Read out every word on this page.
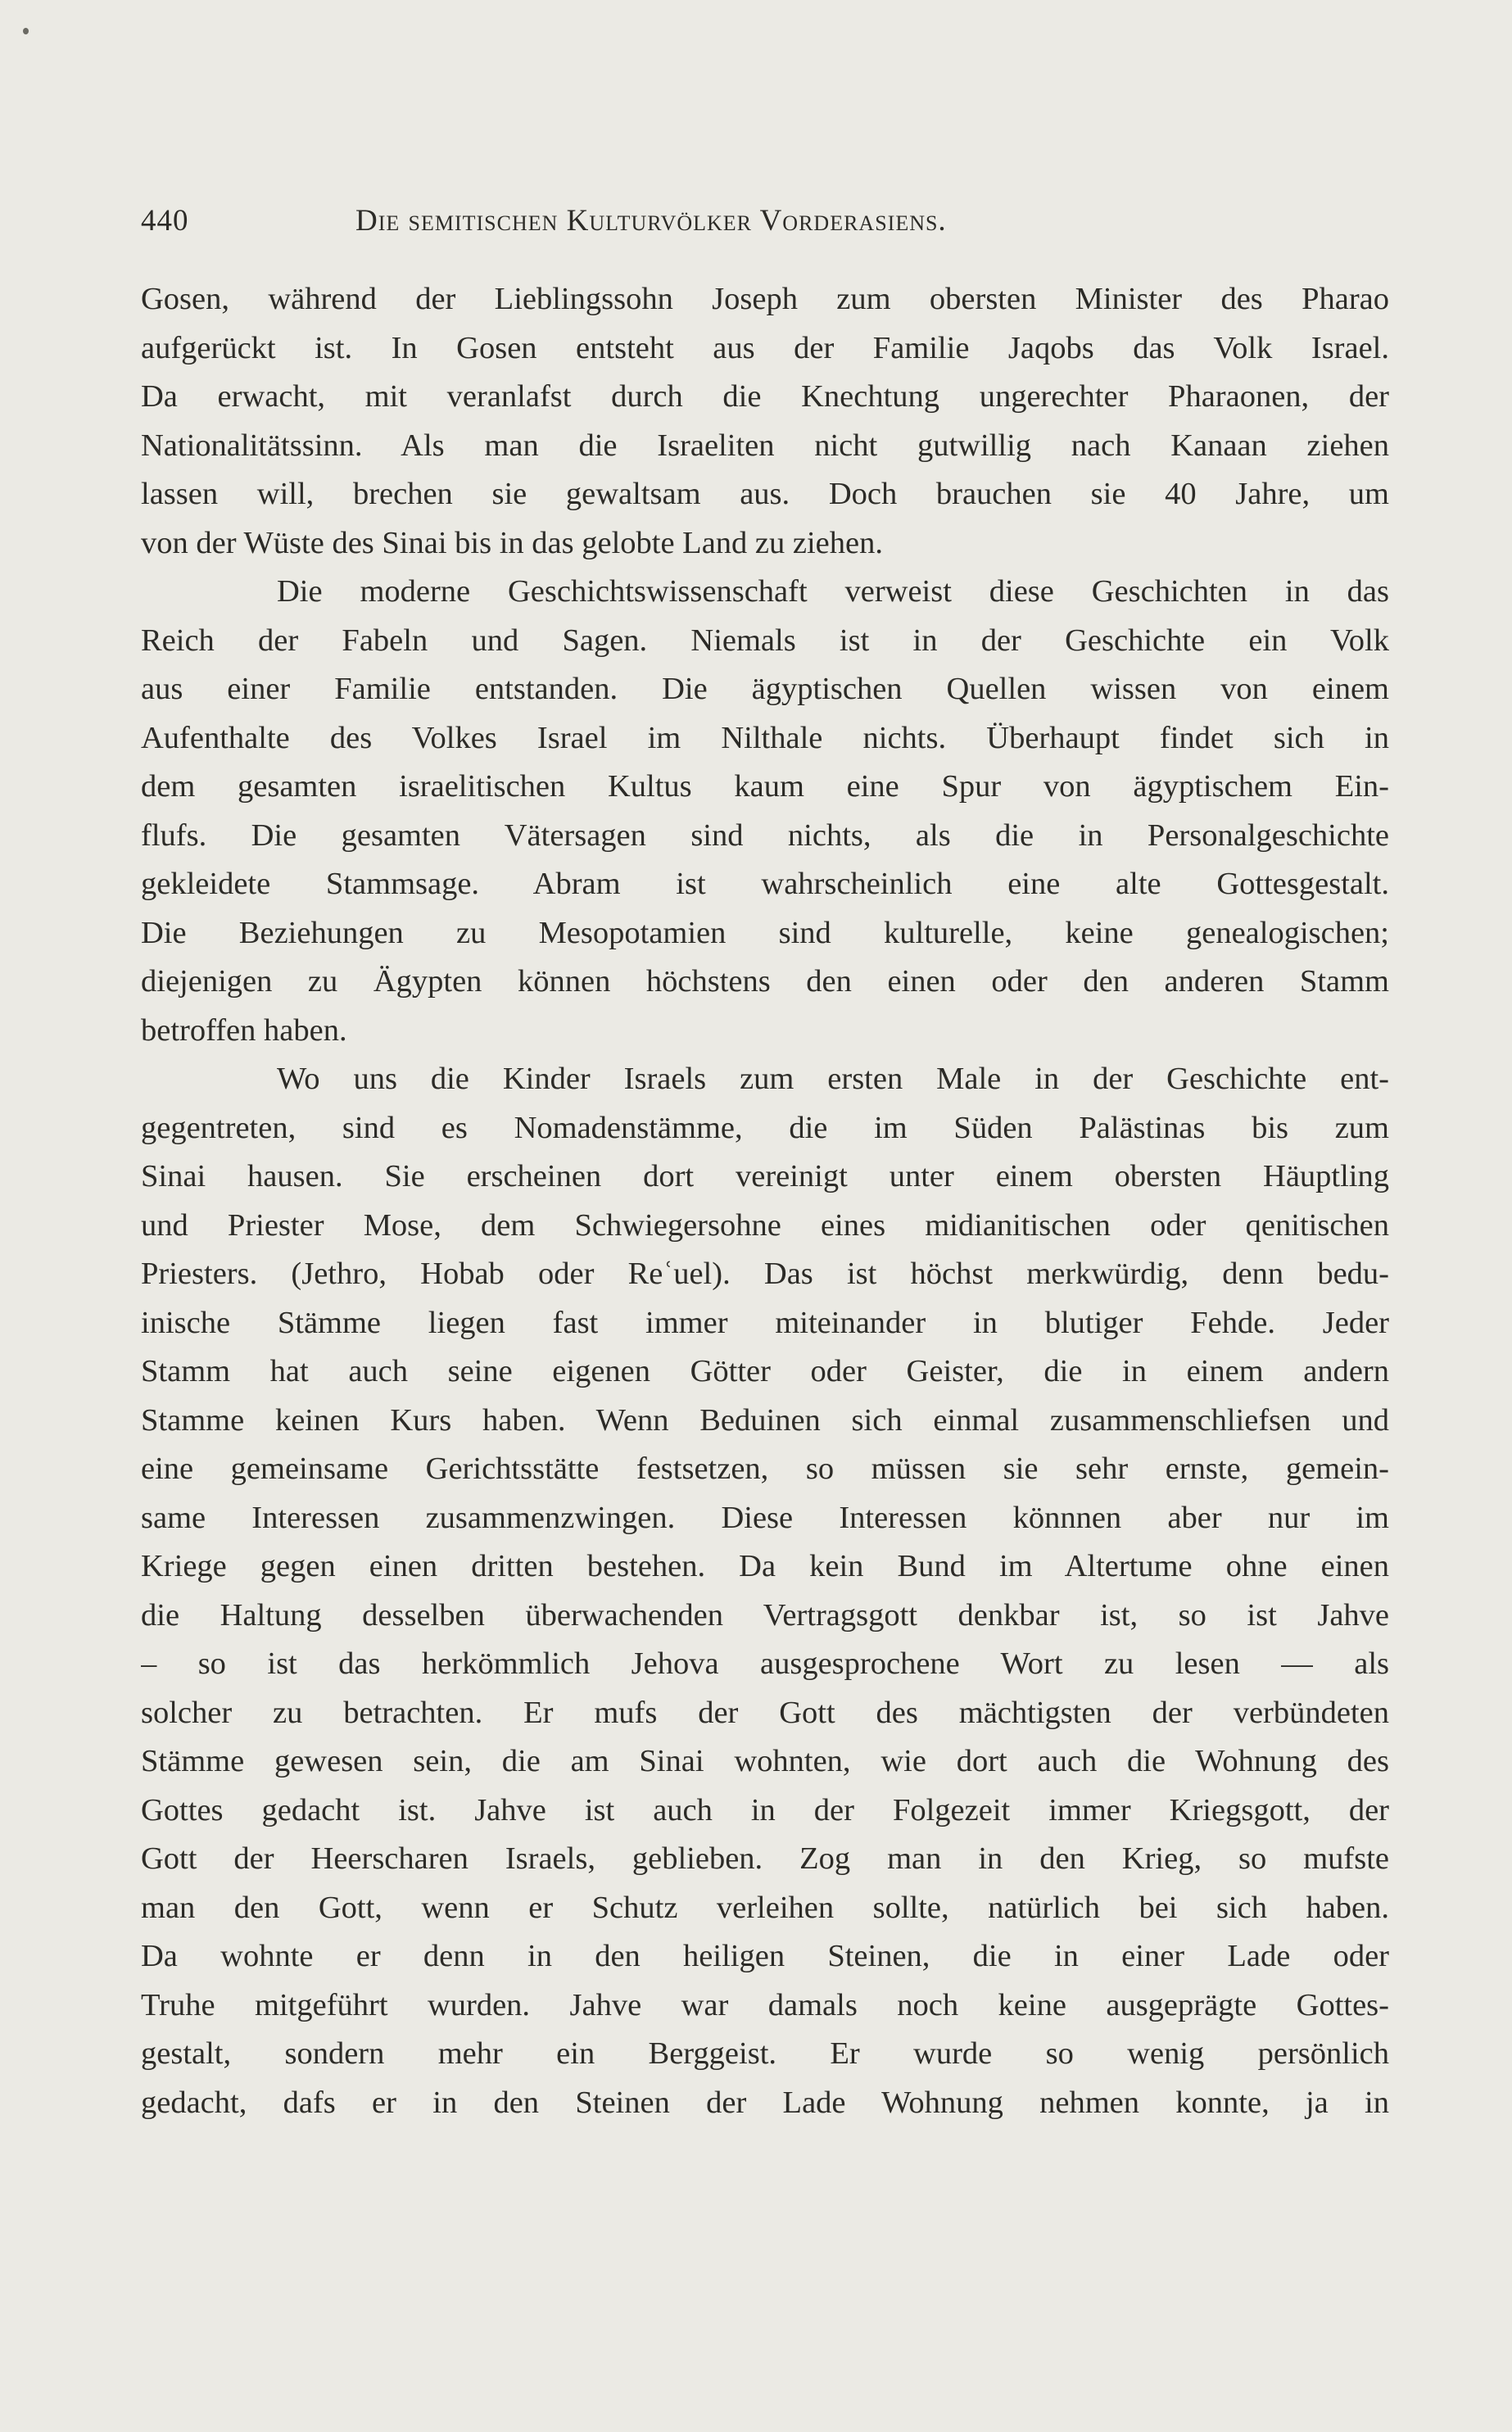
440	Die semitischen Kulturvölker Vorderasiens.
Gosen, während der Lieblingssohn Joseph zum obersten Minister des Pharao
aufgerückt ist. In Gosen entsteht aus der Familie Jaqobs das Volk Israel.
Da erwacht, mit veranlafst durch die Knechtung ungerechter Pharaonen, der
Nationalitätssinn. Als man die Israeliten nicht gutwillig nach Kanaan ziehen
lassen will, brechen sie gewaltsam aus. Doch brauchen sie 40 Jahre, um
von der Wüste des Sinai bis in das gelobte Land zu ziehen.
Die moderne Geschichtswissenschaft verweist diese Geschichten in das
Reich der Fabeln und Sagen. Niemals ist in der Geschichte ein Volk
aus einer Familie entstanden. Die ägyptischen Quellen wissen von einem
Aufenthalte des Volkes Israel im Nilthale nichts. Überhaupt findet sich in
dem gesamten israelitischen Kultus kaum eine Spur von ägyptischem Ein-
flufs. Die gesamten Vätersagen sind nichts, als die in Personalgeschichte
gekleidete Stammsage. Abram ist wahrscheinlich eine alte Gottesgestalt.
Die Beziehungen zu Mesopotamien sind kulturelle, keine genealogischen;
diejenigen zu Ägypten können höchstens den einen oder den anderen Stamm
betroffen haben.
Wo uns die Kinder Israels zum ersten Male in der Geschichte ent-
gegentreten, sind es Nomadenstämme, die im Süden Palästinas bis zum
Sinai hausen. Sie erscheinen dort vereinigt unter einem obersten Häuptling
und Priester Mose, dem Schwiegersohne eines midianitischen oder qenitischen
Priesters. (Jethro, Hobab oder Reʿuel). Das ist höchst merkwürdig, denn bedu-
inische Stämme liegen fast immer miteinander in blutiger Fehde. Jeder
Stamm hat auch seine eigenen Götter oder Geister, die in einem andern
Stamme keinen Kurs haben. Wenn Beduinen sich einmal zusammenschliefsen und
eine gemeinsame Gerichtsstätte festsetzen, so müssen sie sehr ernste, gemein-
same Interessen zusammenzwingen. Diese Interessen könnnen aber nur im
Kriege gegen einen dritten bestehen. Da kein Bund im Altertume ohne einen
die Haltung desselben überwachenden Vertragsgott denkbar ist, so ist Jahve
– so ist das herkömmlich Jehova ausgesprochene Wort zu lesen — als
solcher zu betrachten. Er mufs der Gott des mächtigsten der verbündeten
Stämme gewesen sein, die am Sinai wohnten, wie dort auch die Wohnung des
Gottes gedacht ist. Jahve ist auch in der Folgezeit immer Kriegsgott, der
Gott der Heerscharen Israels, geblieben. Zog man in den Krieg, so mufste
man den Gott, wenn er Schutz verleihen sollte, natürlich bei sich haben.
Da wohnte er denn in den heiligen Steinen, die in einer Lade oder
Truhe mitgeführt wurden. Jahve war damals noch keine ausgeprägte Gottes-
gestalt, sondern mehr ein Berggeist. Er wurde so wenig persönlich
gedacht, dafs er in den Steinen der Lade Wohnung nehmen konnte, ja in
